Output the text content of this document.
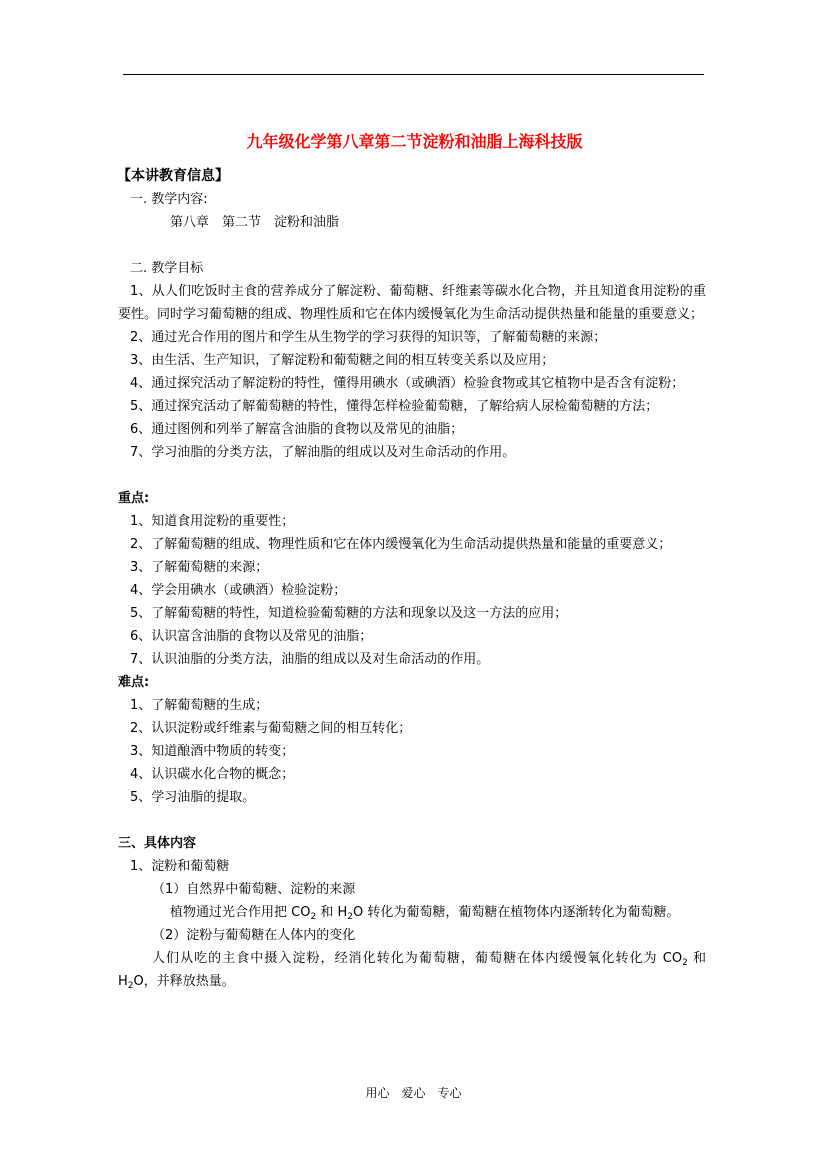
九年级化学第八章第二节淀粉和油脂上海科技版
【本讲教育信息】
一. 教学内容:
第八章　第二节　淀粉和油脂
二. 教学目标
1、从人们吃饭时主食的营养成分了解淀粉、葡萄糖、纤维素等碳水化合物，并且知道食用淀粉的重要性。同时学习葡萄糖的组成、物理性质和它在体内缓慢氧化为生命活动提供热量和能量的重要意义；
2、通过光合作用的图片和学生从生物学的学习获得的知识等，了解葡萄糖的来源；
3、由生活、生产知识，了解淀粉和葡萄糖之间的相互转变关系以及应用；
4、通过探究活动了解淀粉的特性，懂得用碘水（或碘酒）检验食物或其它植物中是否含有淀粉；
5、通过探究活动了解葡萄糖的特性，懂得怎样检验葡萄糖，了解给病人尿检葡萄糖的方法；
6、通过图例和列举了解富含油脂的食物以及常见的油脂；
7、学习油脂的分类方法，了解油脂的组成以及对生命活动的作用。
重点:
1、知道食用淀粉的重要性；
2、了解葡萄糖的组成、物理性质和它在体内缓慢氧化为生命活动提供热量和能量的重要意义；
3、了解葡萄糖的来源；
4、学会用碘水（或碘酒）检验淀粉；
5、了解葡萄糖的特性，知道检验葡萄糖的方法和现象以及这一方法的应用；
6、认识富含油脂的食物以及常见的油脂；
7、认识油脂的分类方法，油脂的组成以及对生命活动的作用。
难点:
1、了解葡萄糖的生成；
2、认识淀粉或纤维素与葡萄糖之间的相互转化；
3、知道酿酒中物质的转变；
4、认识碳水化合物的概念；
5、学习油脂的提取。
三、具体内容
1、淀粉和葡萄糖
（1）自然界中葡萄糖、淀粉的来源
植物通过光合作用把 $CO_2$ 和 $H_2O$ 转化为葡萄糖，葡萄糖在植物体内逐渐转化为葡萄糖。
（2）淀粉与葡萄糖在人体内的变化
人们从吃的主食中摄入淀粉，经消化转化为葡萄糖，葡萄糖在体内缓慢氧化转化为 $CO_2$ 和 $H_2O$，并释放热量。
用心　爱心　专心
